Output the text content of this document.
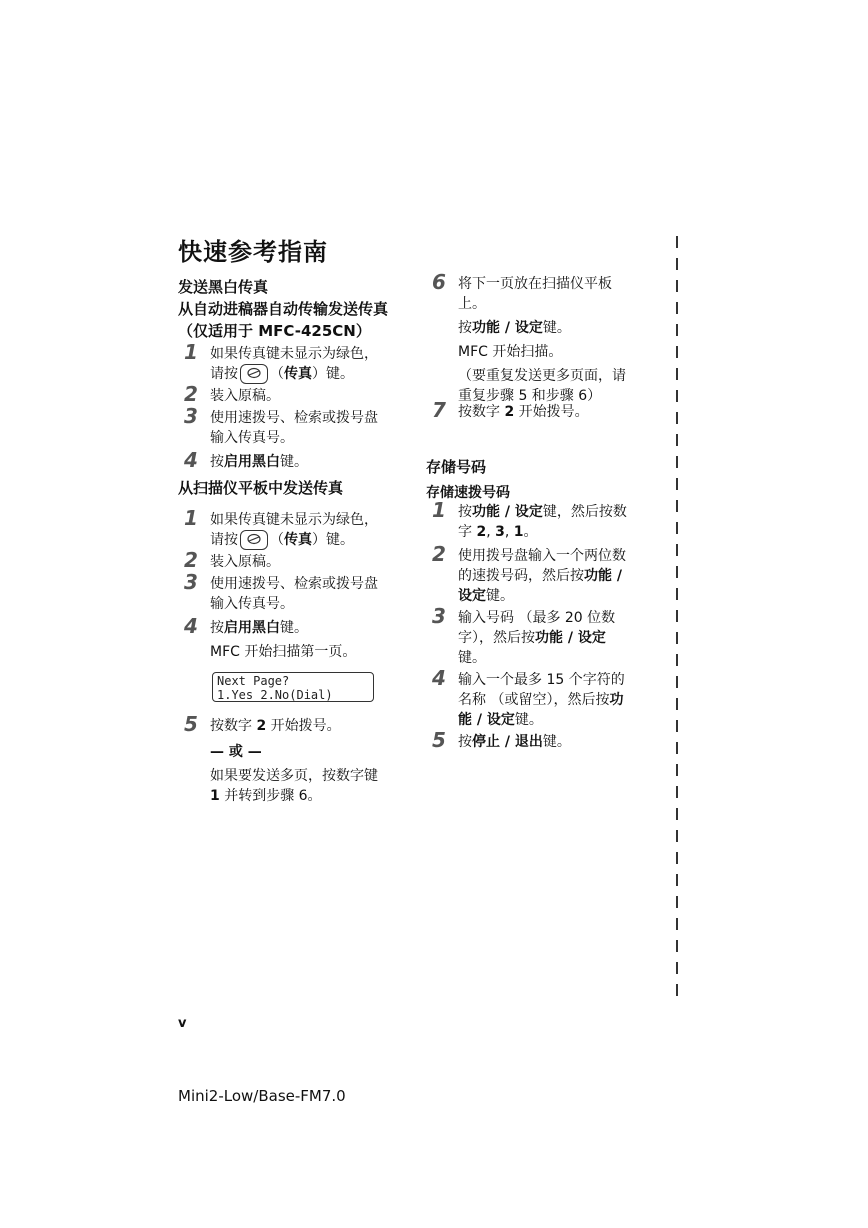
快速参考指南
发送黑白传真
从自动进稿器自动传输发送传真
（仅适用于 MFC-425CN）
1 如果传真键未显示为绿色，
请按 （传真）键。
2 装入原稿。
3 使用速拨号、检索或拨号盘
输入传真号。
4 按启用黑白键。
从扫描仪平板中发送传真
1 如果传真键未显示为绿色，
请按 （传真）键。
2 装入原稿。
3 使用速拨号、检索或拨号盘
输入传真号。
4 按启用黑白键。
MFC 开始扫描第一页。
Next Page?
1.Yes 2.No(Dial)
5 按数字 2 开始拨号。
— 或 —
如果要发送多页，按数字键
1 并转到步骤 6。
6 将下一页放在扫描仪平板
上。
按功能 / 设定键。
MFC 开始扫描。
（要重复发送更多页面，请
重复步骤 5 和步骤 6）
7 按数字 2 开始拨号。
存储号码
存储速拨号码
1 按功能 / 设定键，然后按数
字 2, 3, 1。
2 使用拨号盘输入一个两位数
的速拨号码，然后按功能 /
设定键。
3 输入号码 （最多 20 位数
字），然后按功能 / 设定
键。
4 输入一个最多 15 个字符的
名称 （或留空），然后按功
能 / 设定键。
5 按停止 / 退出键。
v
Mini2-Low/Base-FM7.0
